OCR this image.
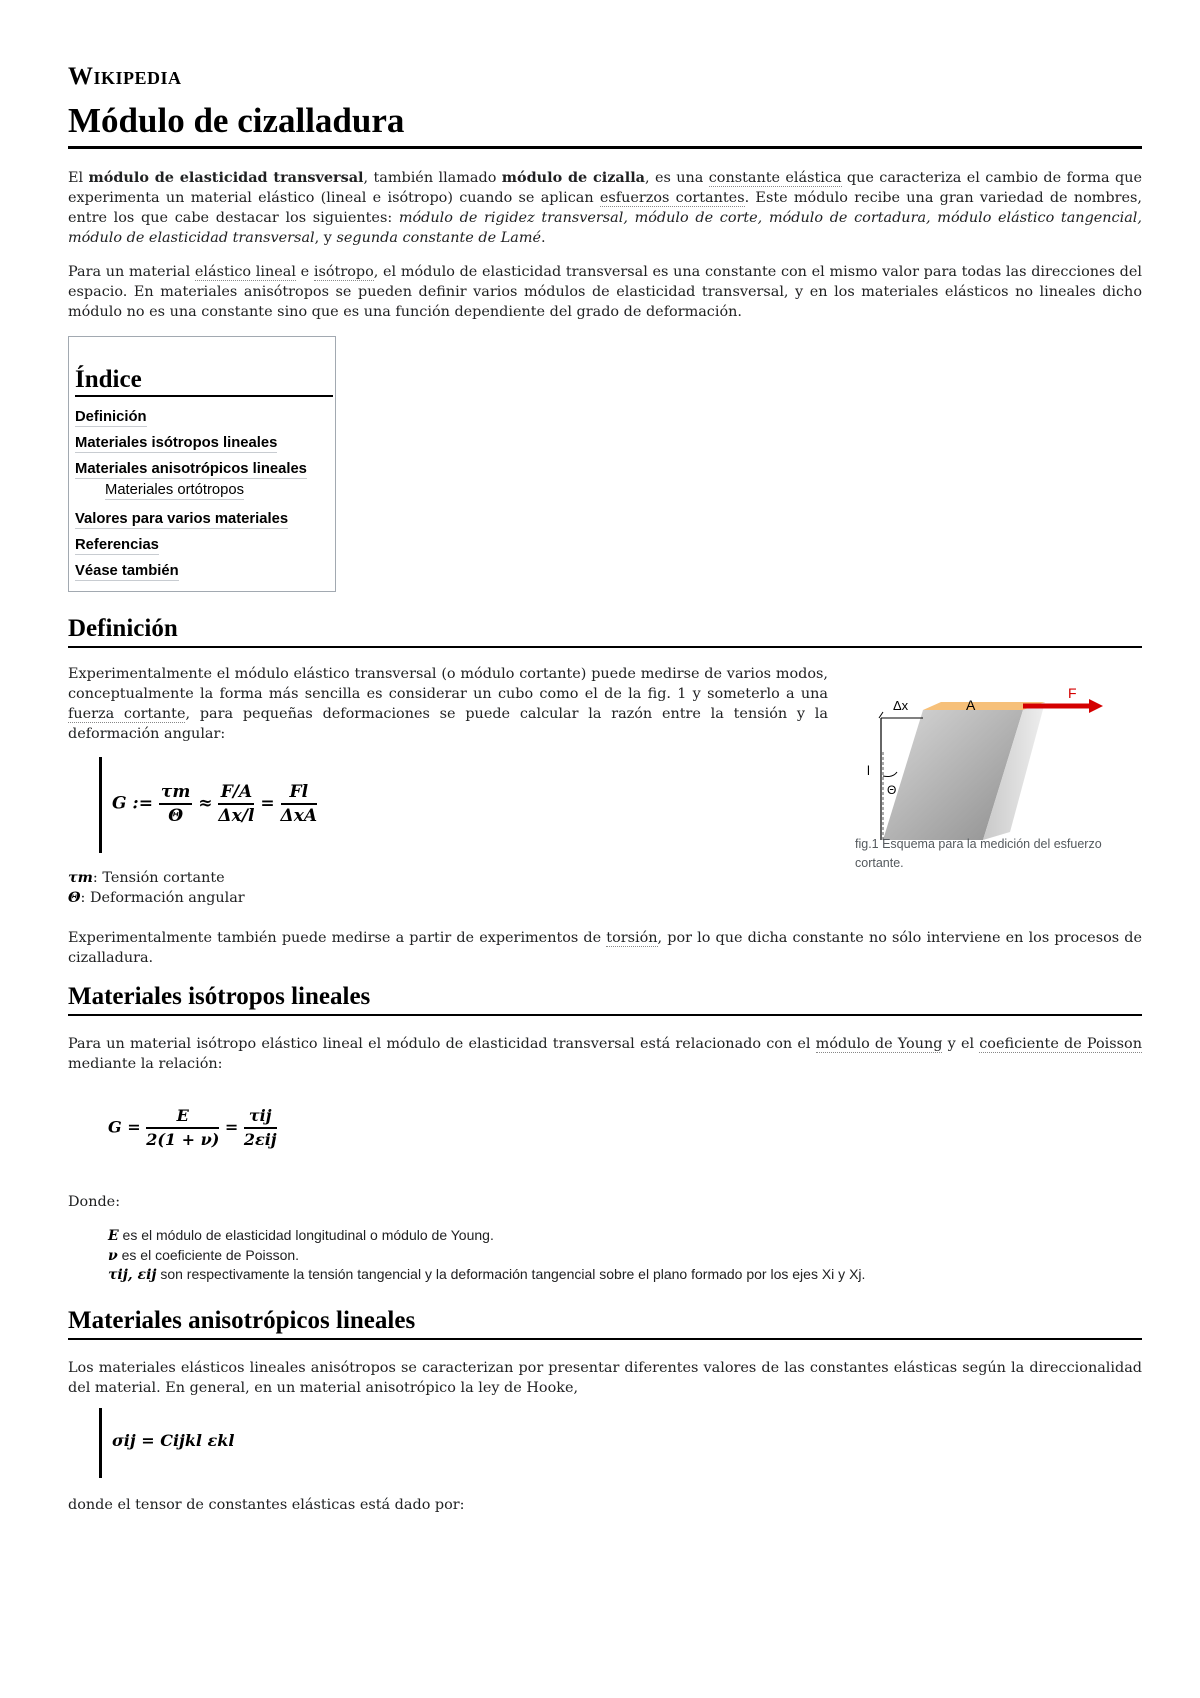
Wikipedia
Módulo de cizalladura

El módulo de elasticidad transversal, también llamado módulo de cizalla, es una constante elástica que caracteriza el cambio de forma que experimenta un material elástico (lineal e isótropo) cuando se aplican esfuerzos cortantes. Este módulo recibe una gran variedad de nombres, entre los que cabe destacar los siguientes: módulo de rigidez transversal, módulo de corte, módulo de cortadura, módulo elástico tangencial, módulo de elasticidad transversal, y segunda constante de Lamé.

Para un material elástico lineal e isótropo, el módulo de elasticidad transversal es una constante con el mismo valor para todas las direcciones del espacio. En materiales anisótropos se pueden definir varios módulos de elasticidad transversal, y en los materiales elásticos no lineales dicho módulo no es una constante sino que es una función dependiente del grado de deformación.

Índice
Definición
Materiales isótropos lineales
Materiales anisotrópicos lineales
Materiales ortótropos
Valores para varios materiales
Referencias
Véase también
Definición

Experimentalmente el módulo elástico transversal (o módulo cortante) puede medirse de varios modos, conceptualmente la forma más sencilla es considerar un cubo como el de la fig. 1 y someterlo a una fuerza cortante, para pequeñas deformaciones se puede calcular la razón entre la tensión y la deformación angular:

G := $\frac{\tau m}{\Theta} \approx \frac{F/A}{\Delta x/l} = \frac{Fl}{\text{ΔxA}}$
τm: Tensión cortante
Θ: Deformación angular

Experimentalmente también puede medirse a partir de experimentos de torsión, por lo que dicha constante no sólo interviene en los procesos de cizalladura.

Δx	A
F
l
Θ
fig.1 Esquema para la medición del esfuerzo cortante.
Materiales isótropos lineales

Para un material isótropo elástico lineal el módulo de elasticidad transversal está relacionado con el módulo de Young y el coeficiente de Poisson mediante la relación:

$G = \frac{E}{2(1 + \nu)} = \frac{\text{τij}}{\text{2εij}}$

Donde:

E es el módulo de elasticidad longitudinal o módulo de Young.
ν es el coeficiente de Poisson.
τij, εij son respectivamente la tensión tangencial y la deformación tangencial sobre el plano formado por los ejes Xi y Xj.
Materiales anisotrópicos lineales

Los materiales elásticos lineales anisótropos se caracterizan por presentar diferentes valores de las constantes elásticas según la direccionalidad del material. En general, en un material anisotrópico la ley de Hooke,

σij = Cijkl εkl

donde el tensor de constantes elásticas está dado por:
